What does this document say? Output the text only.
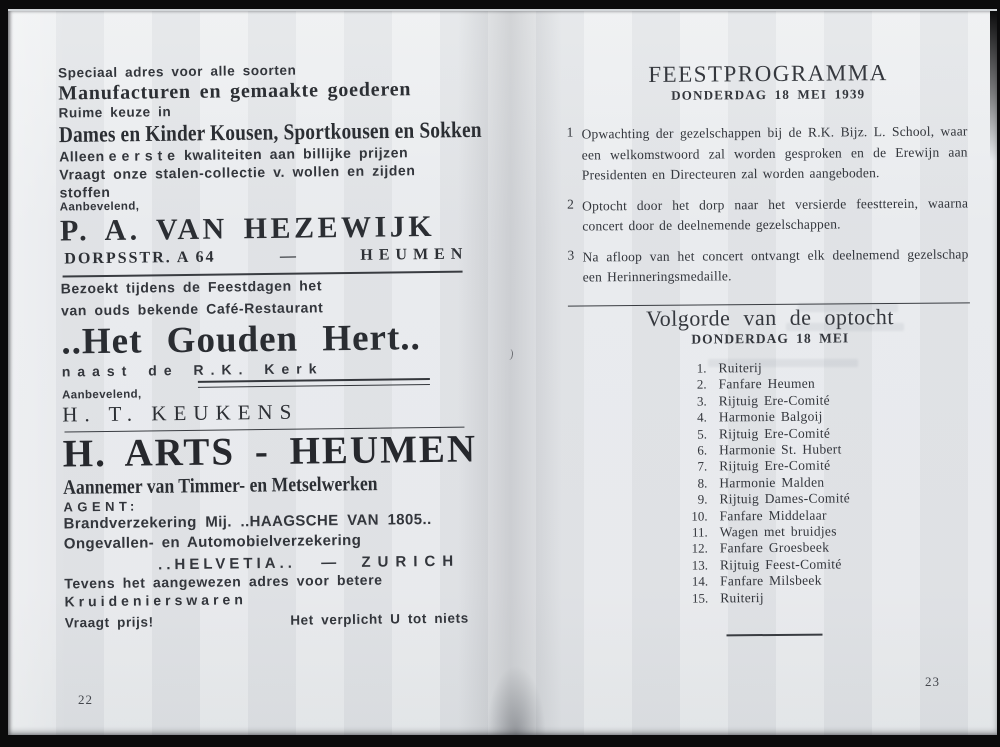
Speciaal adres voor alle soorten

Manufacturen en gemaakte goederen

Ruime keuze in

Dames en Kinder Kousen, Sportkousen en Sokken

Alleen eerste kwaliteiten aan billijke prijzen

Vraagt onze stalen-collectie v. wollen en zijden stoffen

Aanbevelend,

P. A. VAN HEZEWIJK
DORPSSTR. A 64	—	HEUMEN

Bezoekt tijdens de Feestdagen het

van ouds bekende Café-Restaurant

..Het Gouden Hert..

naast de R.K. Kerk

Aanbevelend,

H. T. KEUKENS

H. ARTS - HEUMEN

Aannemer van Timmer- en Metselwerken

AGENT:

Brandverzekering Mij. ..HAAGSCHE VAN 1805..

Ongevallen- en Automobielverzekering

..HELVETIA.. — ZURICH

Tevens het aangewezen adres voor betere

Kruidenierswaren

Vraagt prijs!	Het verplicht U tot niets
22
FEESTPROGRAMMA

DONDERDAG 18 MEI 1939

1 Opwachting der gezelschappen bij de R.K. Bijz. L. School, waar een welkomstwoord zal worden gesproken en de Erewijn aan Presidenten en Directeuren zal worden aangeboden.
2 Optocht door het dorp naar het versierde feestterein, waarna concert door de deelnemende gezelschappen.
3 Na afloop van het concert ontvangt elk deelnemend gezelschap een Herinneringsmedaille.
Volgorde van de optocht

DONDERDAG 18 MEI

1. Ruiterij
2. Fanfare Heumen
3. Rijtuig Ere-Comité
4. Harmonie Balgoij
5. Rijtuig Ere-Comité
6. Harmonie St. Hubert
7. Rijtuig Ere-Comité
8. Harmonie Malden
9. Rijtuig Dames-Comité
10. Fanfare Middelaar
11. Wagen met bruidjes
12. Fanfare Groesbeek
13. Rijtuig Feest-Comité
14. Fanfare Milsbeek
15. Ruiterij
23
